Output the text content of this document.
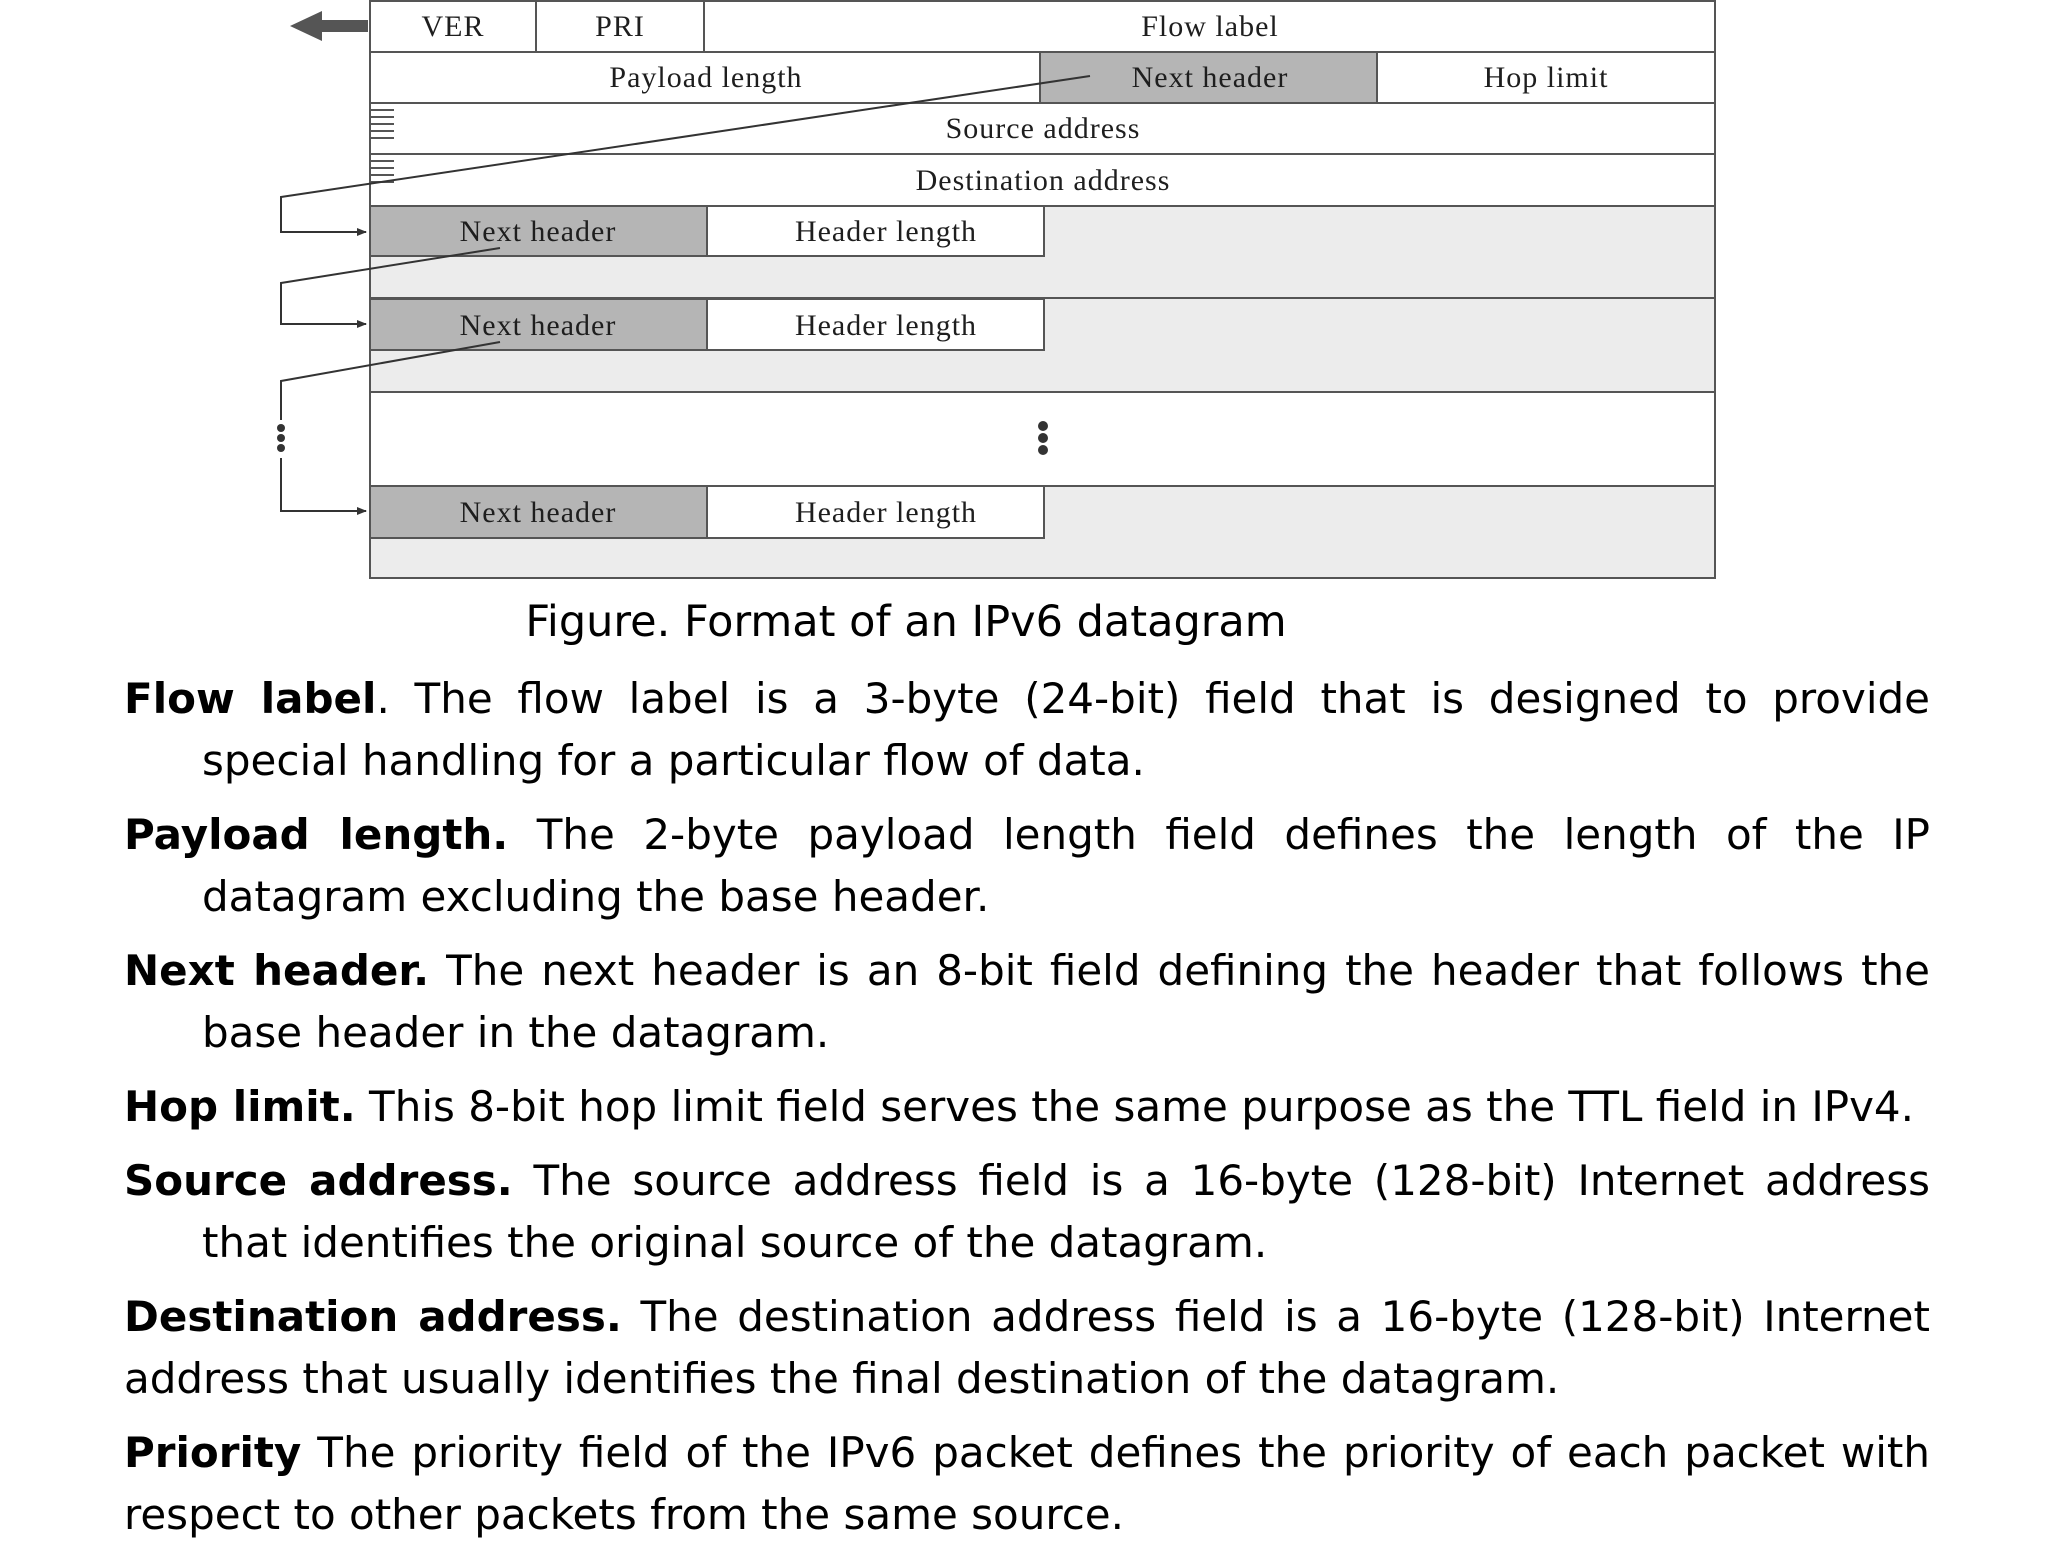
VER	PRI	Flow label
Payload length	Next header	Hop limit
Source address
Destination address
Next header	Header length
Next header	Header length
Next header	Header length
Figure. Format of an IPv6 datagram

Flow label. The flow label is a 3-byte (24-bit) field that is designed to provide special handling for a particular flow of data.

Payload length. The 2-byte payload length field defines the length of the IP datagram excluding the base header.

Next header. The next header is an 8-bit field defining the header that follows the base header in the datagram.

Hop limit. This 8-bit hop limit field serves the same purpose as the TTL field in IPv4.

Source address. The source address field is a 16-byte (128-bit) Internet address that identifies the original source of the datagram.

Destination address. The destination address field is a 16-byte (128-bit) Internet address that usually identifies the final destination of the datagram.

Priority The priority field of the IPv6 packet defines the priority of each packet with respect to other packets from the same source.
